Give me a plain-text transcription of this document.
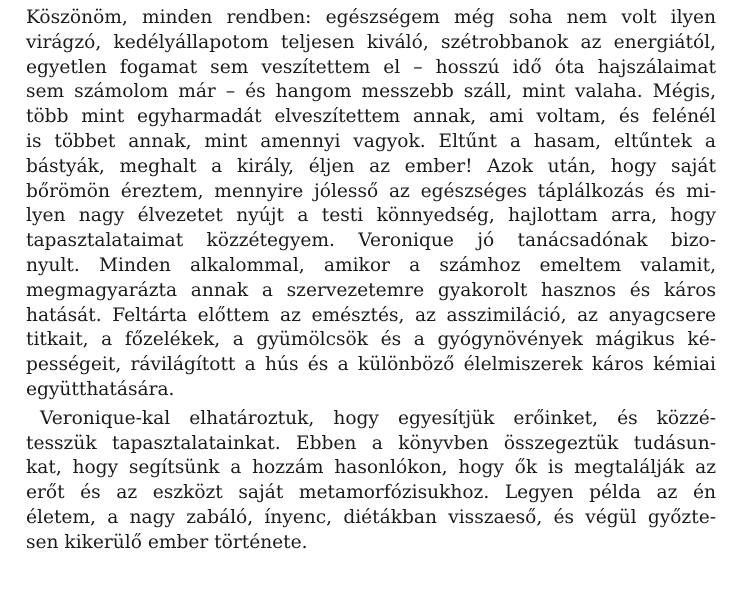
Köszönöm, minden rendben: egészségem még soha nem volt ilyen
virágzó, kedélyállapotom teljesen kiváló, szétrobbanok az energiától,
egyetlen fogamat sem veszítettem el – hosszú idő óta hajszálaimat
sem számolom már – és hangom messzebb száll, mint valaha. Mégis,
több mint egyharmadát elveszítettem annak, ami voltam, és felénél
is többet annak, mint amennyi vagyok. Eltűnt a hasam, eltűntek a
bástyák, meghalt a király, éljen az ember! Azok után, hogy saját
bőrömön éreztem, mennyire jólesső az egészséges táplálkozás és mi-
lyen nagy élvezetet nyújt a testi könnyedség, hajlottam arra, hogy
tapasztalataimat közzétegyem. Veronique jó tanácsadónak bizo-
nyult. Minden alkalommal, amikor a számhoz emeltem valamit,
megmagyarázta annak a szervezetemre gyakorolt hasznos és káros
hatását. Feltárta előttem az emésztés, az asszimiláció, az anyagcsere
titkait, a főzelékek, a gyümölcsök és a gyógynövények mágikus ké-
pességeit, rávilágított a hús és a különböző élelmiszerek káros kémiai
együtthatására.
Veronique-kal elhatároztuk, hogy egyesítjük erőinket, és közzé-
tesszük tapasztalatainkat. Ebben a könyvben összegeztük tudásun-
kat, hogy segítsünk a hozzám hasonlókon, hogy ők is megtalálják az
erőt és az eszközt saját metamorfózisukhoz. Legyen példa az én
életem, a nagy zabáló, ínyenc, diétákban visszaeső, és végül győzte-
sen kikerülő ember története.
